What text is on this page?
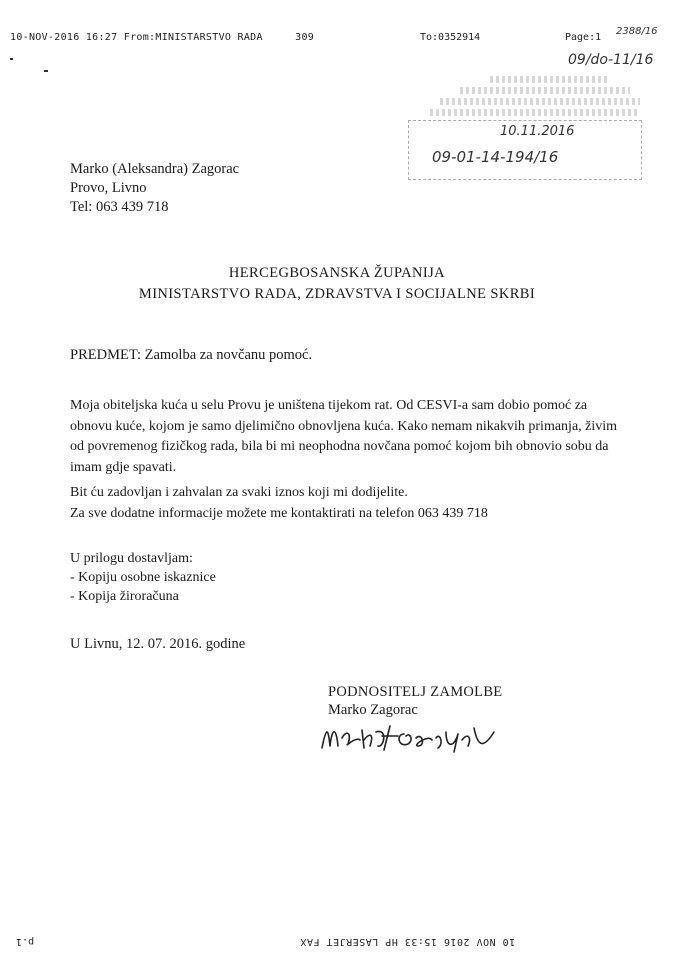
10-NOV-2016 16:27 From:MINISTARSTVO RADA	309	To:0352914	Page:1
2388/16
09/do-11/16
10.11.2016
09-01-14-194/16
Marko (Aleksandra) Zagorac
Provo, Livno
Tel: 063 439 718
HERCEGBOSANSKA ŽUPANIJA
MINISTARSTVO RADA, ZDRAVSTVA I SOCIJALNE SKRBI
PREDMET: Zamolba za novčanu pomoć.
Moja obiteljska kuća u selu Provu je uništena tijekom rat. Od CESVI-a sam dobio pomoć za obnovu kuće, kojom je samo djelimično obnovljena kuća. Kako nemam nikakvih primanja, živim od povremenog fizičkog rada, bila bi mi neophodna novčana pomoć kojom bih obnovio sobu da imam gdje spavati.
Bit ću zadovljan i zahvalan za svaki iznos koji mi dodijelite.
Za sve dodatne informacije možete me kontaktirati na telefon 063 439 718
U prilogu dostavljam:
- Kopiju osobne iskaznice
- Kopija žiroračuna
U Livnu, 12. 07. 2016. godine
PODNOSITELJ ZAMOLBE
Marko Zagorac
10 NOV 2016 15:33 HP LASERJET FAX
p.1
